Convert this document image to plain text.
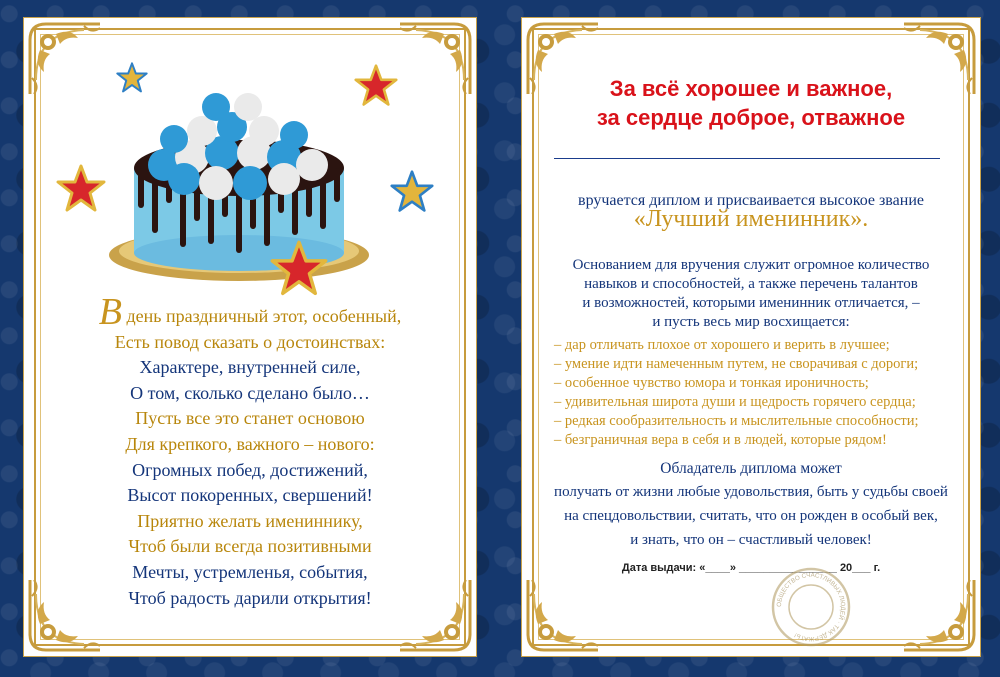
В день праздничный этот, особенный,
Есть повод сказать о достоинствах:
Характере, внутренней силе,
О том, сколько сделано было…
Пусть все это станет основою
Для крепкого, важного – нового:
Огромных побед, достижений,
Высот покоренных, свершений!
Приятно желать имениннику,
Чтоб были всегда позитивными
Мечты, устремленья, события,
Чтоб радость дарили открытия!
За всё хорошее и важное,
за сердце доброе, отважное
вручается диплом и присваивается высокое звание
«Лучший именинник».
Основанием для вручения служит огромное количество
навыков и способностей, а также перечень талантов
и возможностей, которыми именинник отличается, –
и пусть весь мир восхищается:
– дар отличать плохое от хорошего и верить в лучшее;
– умение идти намеченным путем, не сворачивая с дороги;
– особенное чувство юмора и тонкая ироничность;
– удивительная широта души и щедрость горячего сердца;
– редкая сообразительность и мыслительные способности;
– безграничная вера в себя и в людей, которые рядом!
Обладатель диплома может
получать от жизни любые удовольствия, быть у судьбы своей
на спецдовольствии, считать, что он рожден в особый век,
и знать, что он – счастливый человек!
Дата выдачи: «____» ________________ 20___ г.
ОБЩЕСТВО СЧАСТЛИВЫХ ЛЮДЕЙ · ТАК ДЕРЖАТЬ!
